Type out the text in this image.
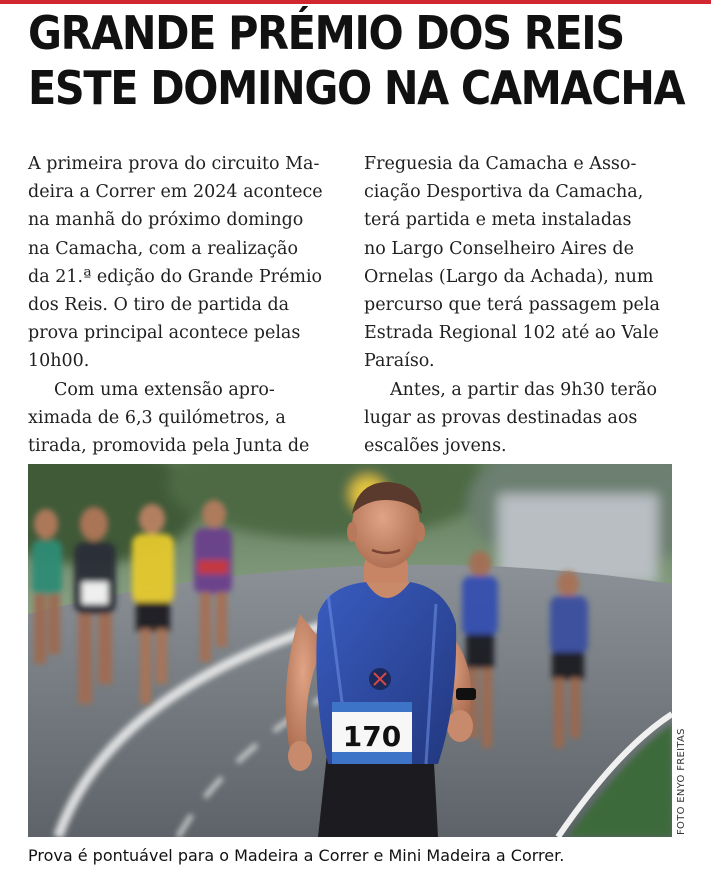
GRANDE PRÉMIO DOS REIS
ESTE DOMINGO NA CAMACHA
A primeira prova do circuito Ma-
deira a Correr em 2024 acontece
na manhã do próximo domingo
na Camacha, com a realização
da 21.ª edição do Grande Prémio
dos Reis. O tiro de partida da
prova principal acontece pelas
10h00.
Com uma extensão apro-
ximada de 6,3 quilómetros, a
tirada, promovida pela Junta de
Freguesia da Camacha e Asso-
ciação Desportiva da Camacha,
terá partida e meta instaladas
no Largo Conselheiro Aires de
Ornelas (Largo da Achada), num
percurso que terá passagem pela
Estrada Regional 102 até ao Vale
Paraíso.
Antes, a partir das 9h30 terão
lugar as provas destinadas aos
escalões jovens.
170	FOTO ENYO FREITAS

Prova é pontuável para o Madeira a Correr e Mini Madeira a Correr.
